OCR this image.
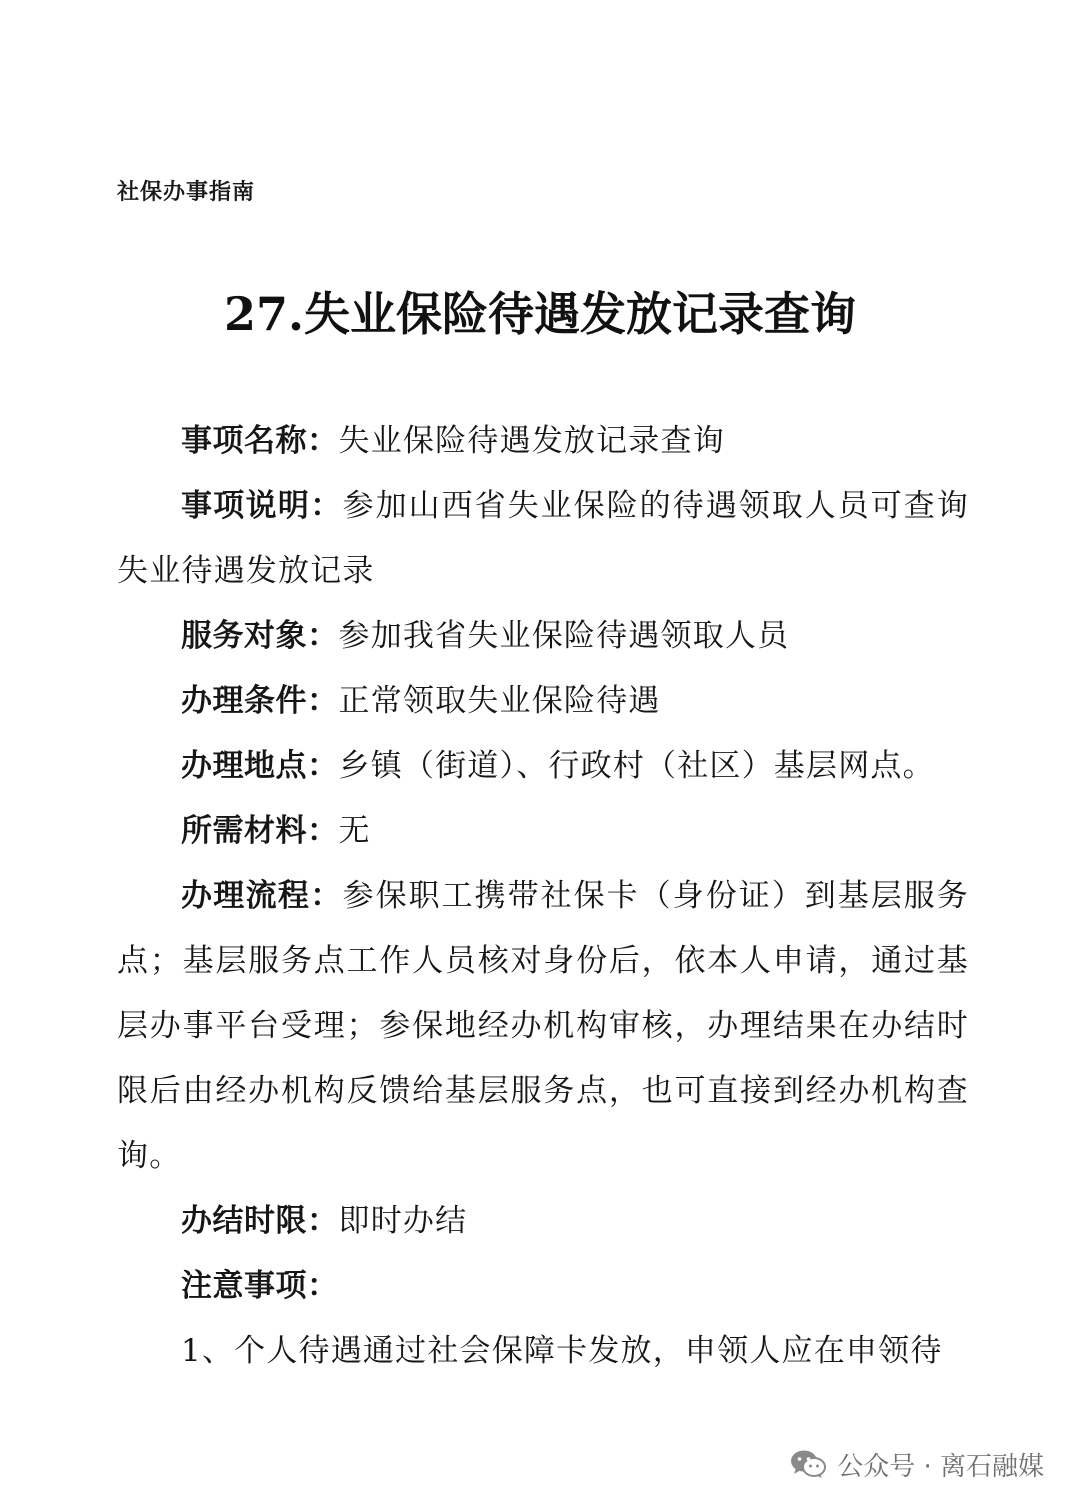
社保办事指南
27.失业保险待遇发放记录查询

事项名称：失业保险待遇发放记录查询

事项说明：参加山西省失业保险的待遇领取人员可查询失业待遇发放记录

服务对象：参加我省失业保险待遇领取人员

办理条件：正常领取失业保险待遇

办理地点：乡镇（街道）、行政村（社区）基层网点。

所需材料：无

办理流程：参保职工携带社保卡（身份证）到基层服务点；基层服务点工作人员核对身份后，依本人申请，通过基层办事平台受理；参保地经办机构审核，办理结果在办结时限后由经办机构反馈给基层服务点，也可直接到经办机构查询。

办结时限：即时办结

注意事项：

1、个人待遇通过社会保障卡发放，申领人应在申领待

公众号 · 离石融媒
